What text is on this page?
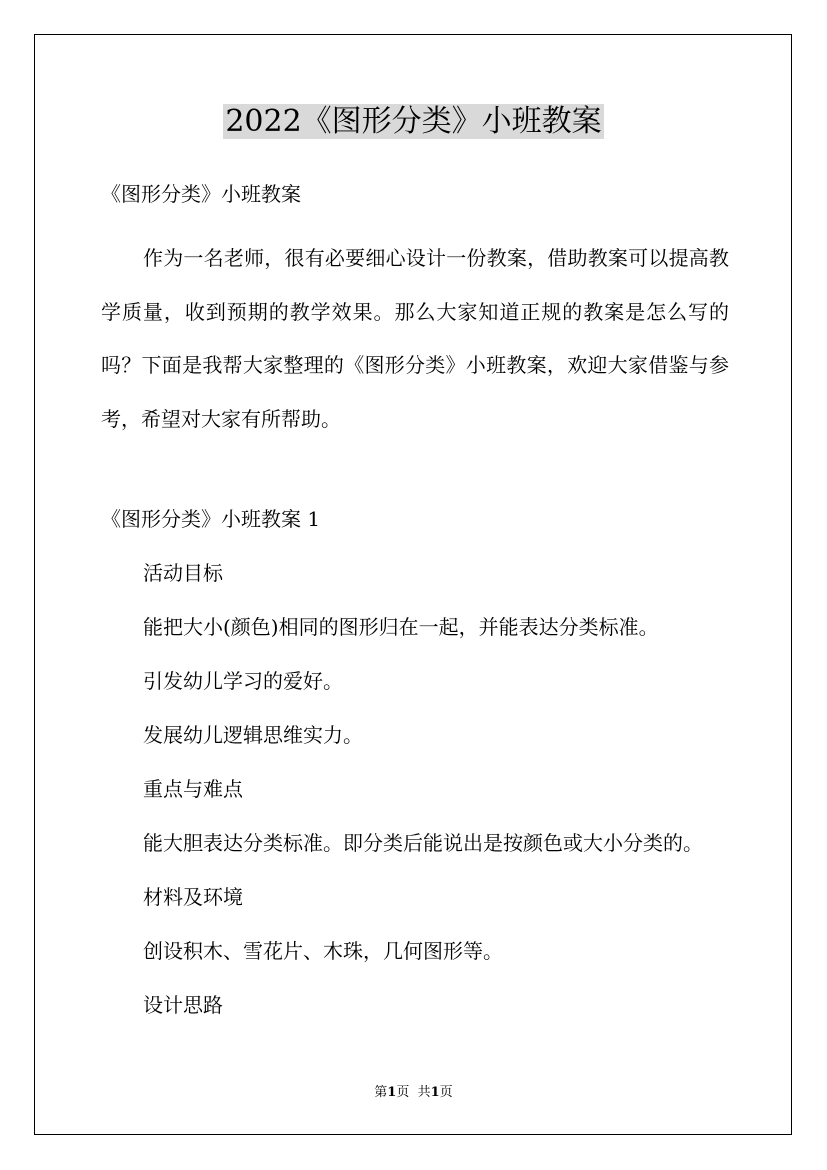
2022《图形分类》小班教案

《图形分类》小班教案

作为一名老师，很有必要细心设计一份教案，借助教案可以提高教学质量，收到预期的教学效果。那么大家知道正规的教案是怎么写的吗？下面是我帮大家整理的《图形分类》小班教案，欢迎大家借鉴与参考，希望对大家有所帮助。

《图形分类》小班教案 1

活动目标

能把大小(颜色)相同的图形归在一起，并能表达分类标准。

引发幼儿学习的爱好。

发展幼儿逻辑思维实力。

重点与难点

能大胆表达分类标准。即分类后能说出是按颜色或大小分类的。

材料及环境

创设积木、雪花片、木珠，几何图形等。

设计思路

第1页 共1页
